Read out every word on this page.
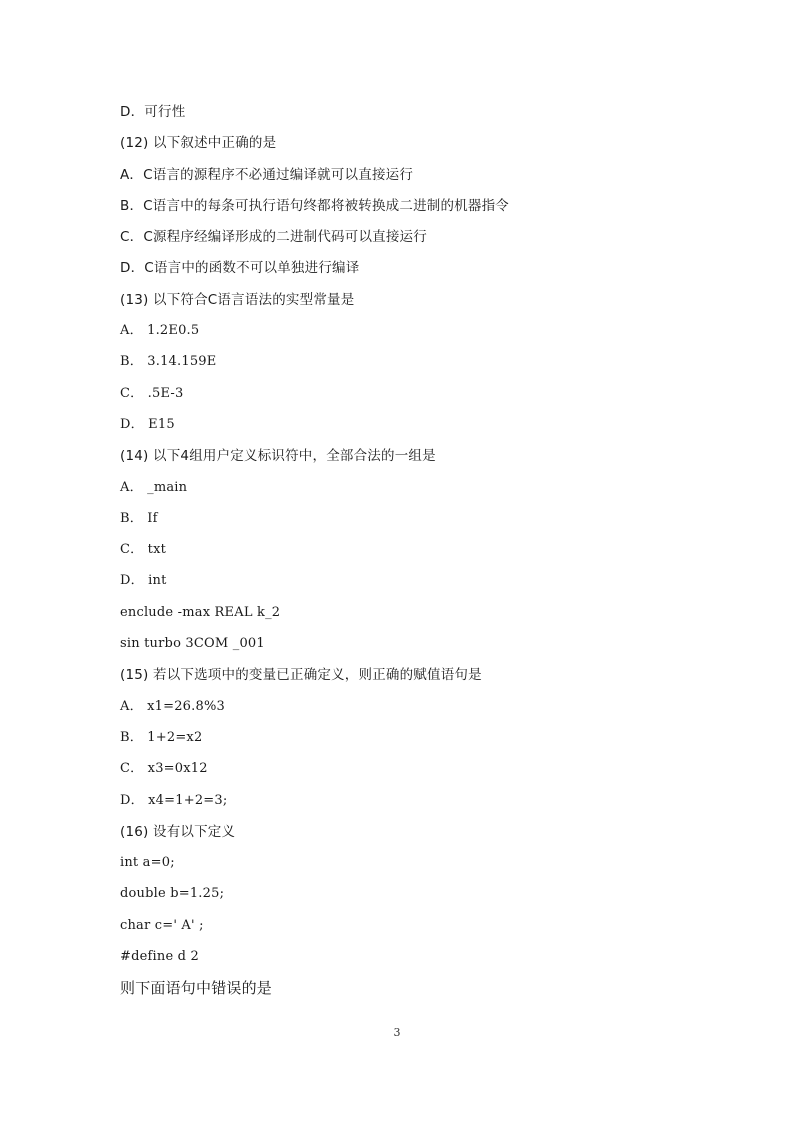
D．可行性
(12) 以下叙述中正确的是
A．C语言的源程序不必通过编译就可以直接运行
B．C语言中的每条可执行语句终都将被转换成二进制的机器指令
C．C源程序经编译形成的二进制代码可以直接运行
D．C语言中的函数不可以单独进行编译
(13) 以下符合C语言语法的实型常量是
A． 1.2E0.5
B． 3.14.159E
C． .5E-3
D． E15
(14) 以下4组用户定义标识符中，全部合法的一组是
A． _main
B． If
C． txt
D． int
enclude -max REAL k_2
sin turbo 3COM _001
(15) 若以下选项中的变量已正确定义，则正确的赋值语句是
A． x1=26.8%3
B． 1+2=x2
C． x3=0x12
D． x4=1+2=3;
(16) 设有以下定义
int a=0;
double b=1.25;
char c=' A' ;
#define d 2
则下面语句中错误的是
3
